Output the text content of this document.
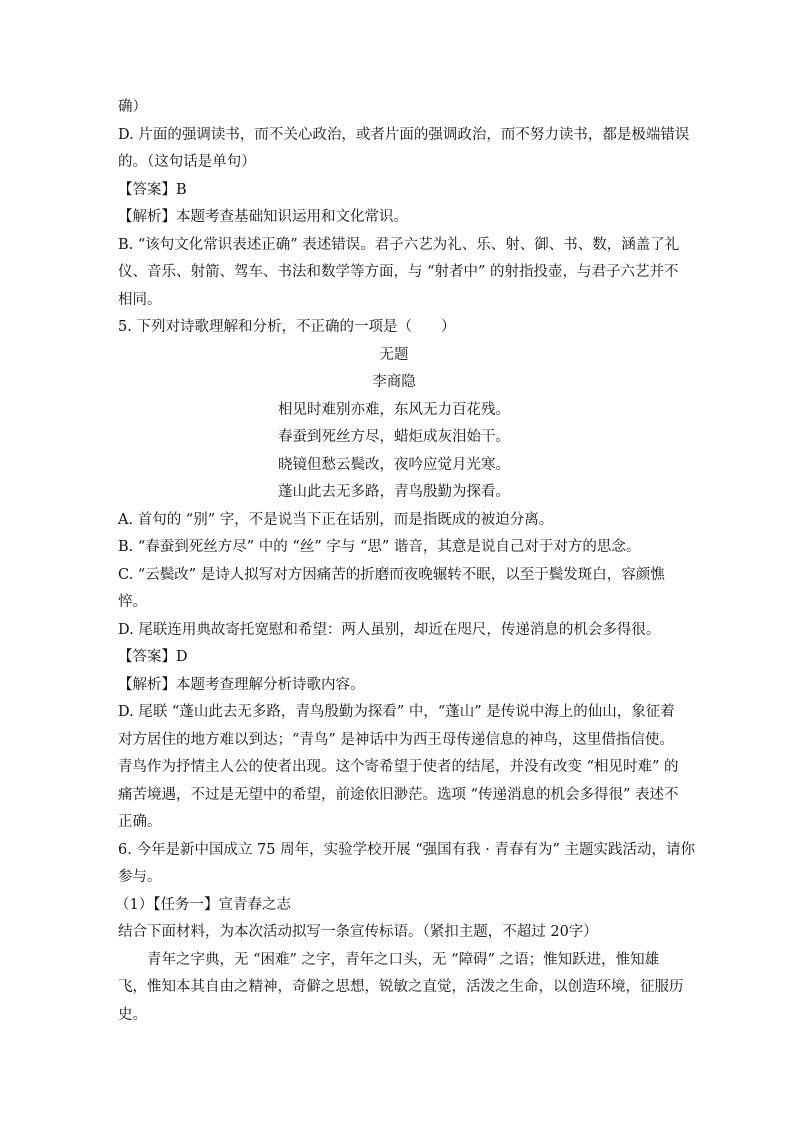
确）
D. 片面的强调读书，而不关心政治，或者片面的强调政治，而不努力读书，都是极端错误
的。（这句话是单句）
【答案】B
【解析】本题考查基础知识运用和文化常识。
B. “该句文化常识表述正确” 表述错误。君子六艺为礼、乐、射、御、书、数，涵盖了礼
仪、音乐、射箭、驾车、书法和数学等方面，与 “射者中” 的射指投壶，与君子六艺并不
相同。
5. 下列对诗歌理解和分析，不正确的一项是（　　）
无题
李商隐
相见时难别亦难，东风无力百花残。
春蚕到死丝方尽，蜡炬成灰泪始干。
晓镜但愁云鬓改，夜吟应觉月光寒。
蓬山此去无多路，青鸟殷勤为探看。
A. 首句的 “别” 字，不是说当下正在话别，而是指既成的被迫分离。
B. “春蚕到死丝方尽” 中的 “丝” 字与 “思” 谐音，其意是说自己对于对方的思念。
C. “云鬓改” 是诗人拟写对方因痛苦的折磨而夜晚辗转不眠，以至于鬓发斑白，容颜憔
悴。
D. 尾联连用典故寄托宽慰和希望：两人虽别，却近在咫尺，传递消息的机会多得很。
【答案】D
【解析】本题考查理解分析诗歌内容。
D. 尾联 “蓬山此去无多路，青鸟殷勤为探看” 中，“蓬山” 是传说中海上的仙山，象征着
对方居住的地方难以到达；“青鸟” 是神话中为西王母传递信息的神鸟，这里借指信使。
青鸟作为抒情主人公的使者出现。这个寄希望于使者的结尾，并没有改变 “相见时难” 的
痛苦境遇，不过是无望中的希望，前途依旧渺茫。选项 “传递消息的机会多得很” 表述不
正确。
6. 今年是新中国成立 75 周年，实验学校开展 “强国有我 · 青春有为” 主题实践活动，请你
参与。
（1）【任务一】宣青春之志
结合下面材料，为本次活动拟写一条宣传标语。（紧扣主题，不超过 20字）
青年之字典，无 “困难” 之字，青年之口头，无 “障碍” 之语；惟知跃进，惟知雄
飞，惟知本其自由之精神，奇僻之思想，锐敏之直觉，活泼之生命，以创造环境，征服历
史。
